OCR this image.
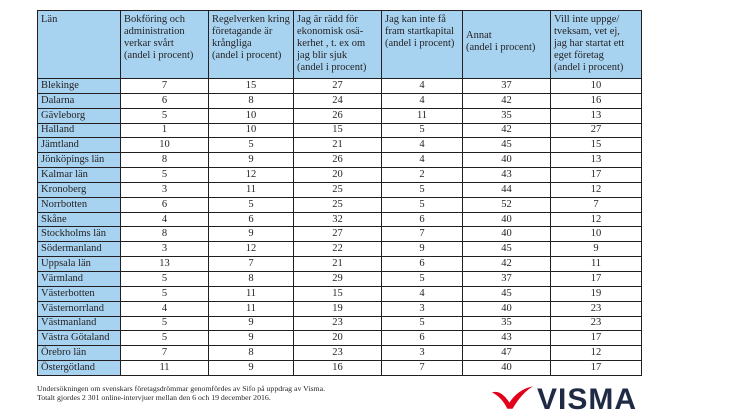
Län	Bokföring och
administration
verkar svårt
(andel i procent)	Regelverken kring
företagande är
krångliga
(andel i procent)	Jag är rädd för
ekonomisk osä-
kerhet , t. ex om
jag blir sjuk
(andel i procent)	Jag kan inte få
fram startkapital
(andel i procent)	Annat
(andel i procent)	Vill inte uppge/
tveksam, vet ej,
jag har startat ett
eget företag
(andel i procent)

Blekinge	7	15	27	4	37	10
Dalarna	6	8	24	4	42	16
Gävleborg	5	10	26	11	35	13
Halland	1	10	15	5	42	27
Jämtland	10	5	21	4	45	15
Jönköpings län	8	9	26	4	40	13
Kalmar län	5	12	20	2	43	17
Kronoberg	3	11	25	5	44	12
Norrbotten	6	5	25	5	52	7
Skåne	4	6	32	6	40	12
Stockholms län	8	9	27	7	40	10
Södermanland	3	12	22	9	45	9
Uppsala län	13	7	21	6	42	11
Värmland	5	8	29	5	37	17
Västerbotten	5	11	15	4	45	19
Västernorrland	4	11	19	3	40	23
Västmanland	5	9	23	5	35	23
Västra Götaland	5	9	20	6	43	17
Örebro län	7	8	23	3	47	12
Östergötland	11	9	16	7	40	17
Undersökningen om svenskars företagsdrömmar genomfördes av Sifo på uppdrag av Visma.
Totalt gjordes 2 301 online-intervjuer mellan den 6 och 19 december 2016.	VISMA
